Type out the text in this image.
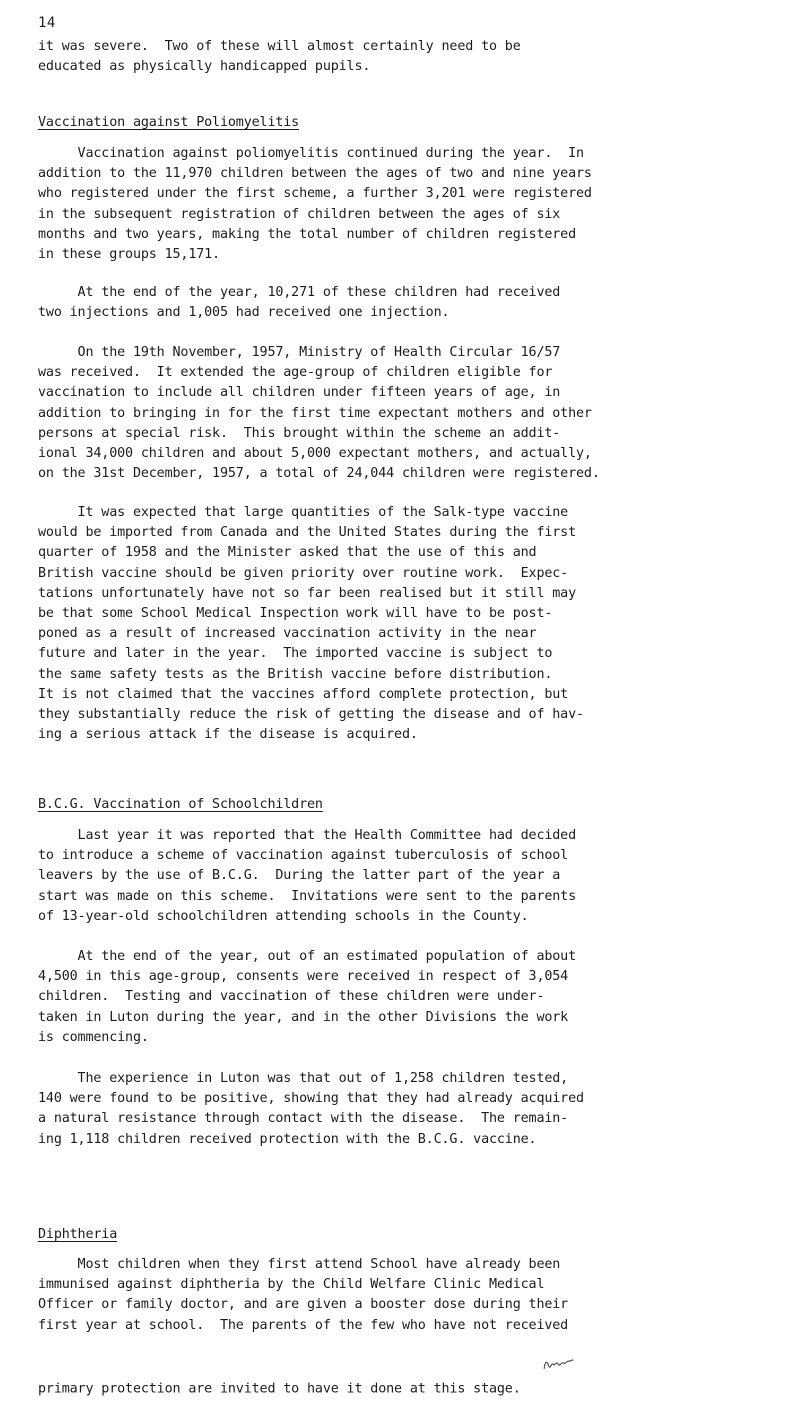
14
it was severe.  Two of these will almost certainly need to be
educated as physically handicapped pupils.
Vaccination against Poliomyelitis
Vaccination against poliomyelitis continued during the year.  In
addition to the 11,970 children between the ages of two and nine years
who registered under the first scheme, a further 3,201 were registered
in the subsequent registration of children between the ages of six
months and two years, making the total number of children registered
in these groups 15,171.
At the end of the year, 10,271 of these children had received
two injections and 1,005 had received one injection.
On the 19th November, 1957, Ministry of Health Circular 16/57
was received.  It extended the age-group of children eligible for
vaccination to include all children under fifteen years of age, in
addition to bringing in for the first time expectant mothers and other
persons at special risk.  This brought within the scheme an addit-
ional 34,000 children and about 5,000 expectant mothers, and actually,
on the 31st December, 1957, a total of 24,044 children were registered.
It was expected that large quantities of the Salk-type vaccine
would be imported from Canada and the United States during the first
quarter of 1958 and the Minister asked that the use of this and
British vaccine should be given priority over routine work.  Expec-
tations unfortunately have not so far been realised but it still may
be that some School Medical Inspection work will have to be post-
poned as a result of increased vaccination activity in the near
future and later in the year.  The imported vaccine is subject to
the same safety tests as the British vaccine before distribution.
It is not claimed that the vaccines afford complete protection, but
they substantially reduce the risk of getting the disease and of hav-
ing a serious attack if the disease is acquired.
B.C.G. Vaccination of Schoolchildren
Last year it was reported that the Health Committee had decided
to introduce a scheme of vaccination against tuberculosis of school
leavers by the use of B.C.G.  During the latter part of the year a
start was made on this scheme.  Invitations were sent to the parents
of 13-year-old schoolchildren attending schools in the County.
At the end of the year, out of an estimated population of about
4,500 in this age-group, consents were received in respect of 3,054
children.  Testing and vaccination of these children were under-
taken in Luton during the year, and in the other Divisions the work
is commencing.
The experience in Luton was that out of 1,258 children tested,
140 were found to be positive, showing that they had already acquired
a natural resistance through contact with the disease.  The remain-
ing 1,118 children received protection with the B.C.G. vaccine.
Diphtheria
Most children when they first attend School have already been
immunised against diphtheria by the Child Welfare Clinic Medical
Officer or family doctor, and are given a booster dose during their
first year at school.  The parents of the few who have not received
primary protection are invited to have it done at this stage.
